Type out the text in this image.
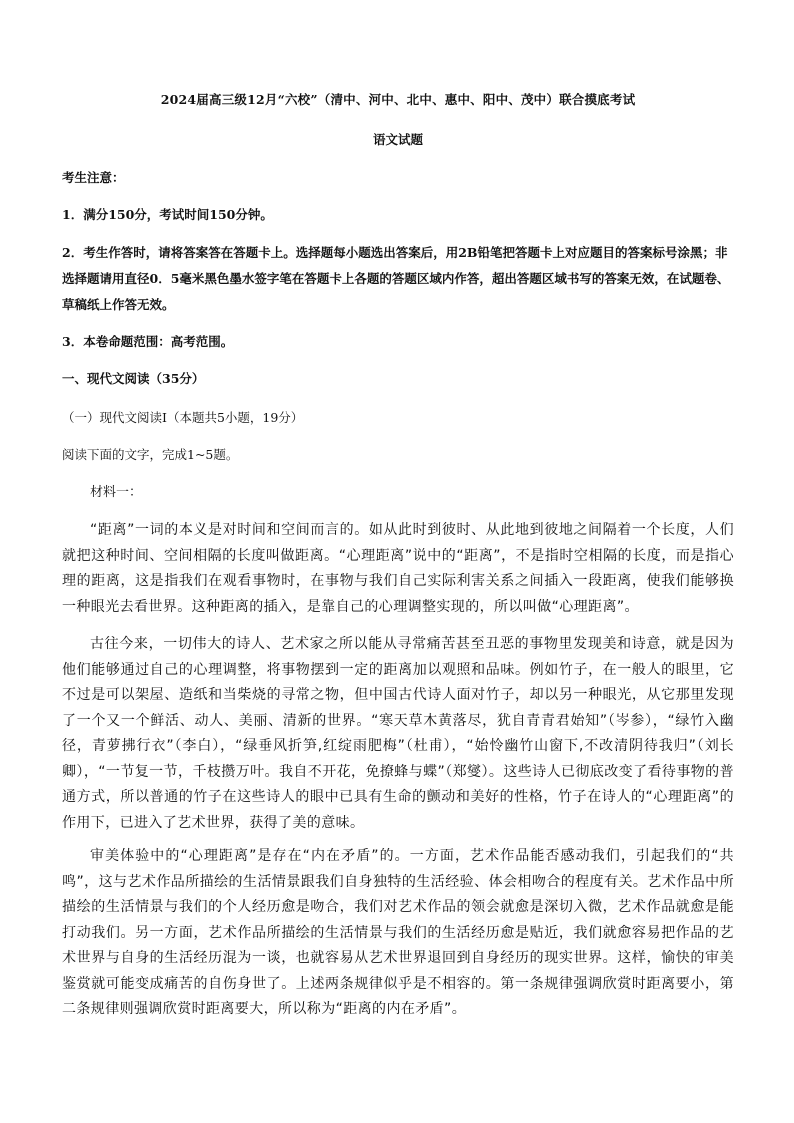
2024届高三级12月“六校”（清中、河中、北中、惠中、阳中、茂中）联合摸底考试
语文试题
考生注意：
1．满分150分，考试时间150分钟。
2．考生作答时，请将答案答在答题卡上。选择题每小题选出答案后，用2B铅笔把答题卡上对应题目的答案标号涂黑；非选择题请用直径0．5毫米黑色墨水签字笔在答题卡上各题的答题区域内作答，超出答题区域书写的答案无效，在试题卷、草稿纸上作答无效。
3．本卷命题范围：高考范围。
一、现代文阅读（35分）
（一）现代文阅读Ⅰ（本题共5小题，19分）
阅读下面的文字，完成1~5题。
材料一：
“距离”一词的本义是对时间和空间而言的。如从此时到彼时、从此地到彼地之间隔着一个长度，人们就把这种时间、空间相隔的长度叫做距离。“心理距离”说中的“距离”，不是指时空相隔的长度，而是指心理的距离，这是指我们在观看事物时，在事物与我们自己实际利害关系之间插入一段距离，使我们能够换一种眼光去看世界。这种距离的插入，是靠自己的心理调整实现的，所以叫做“心理距离”。
古往今来，一切伟大的诗人、艺术家之所以能从寻常痛苦甚至丑恶的事物里发现美和诗意，就是因为他们能够通过自己的心理调整，将事物摆到一定的距离加以观照和品味。例如竹子，在一般人的眼里，它不过是可以架屋、造纸和当柴烧的寻常之物，但中国古代诗人面对竹子，却以另一种眼光，从它那里发现了一个又一个鲜活、动人、美丽、清新的世界。“寒天草木黄落尽，犹自青青君始知”（岑参），“绿竹入幽径，青萝拂行衣”（李白），“绿垂风折笋,红绽雨肥梅”（杜甫），“始怜幽竹山窗下,不改清阴待我归”（刘长卿），“一节复一节，千枝攒万叶。我自不开花，免撩蜂与蝶”（郑燮）。这些诗人已彻底改变了看待事物的普通方式，所以普通的竹子在这些诗人的眼中已具有生命的颤动和美好的性格，竹子在诗人的“心理距离”的作用下，已进入了艺术世界，获得了美的意味。
审美体验中的“心理距离”是存在“内在矛盾”的。一方面，艺术作品能否感动我们，引起我们的“共鸣”，这与艺术作品所描绘的生活情景跟我们自身独特的生活经验、体会相吻合的程度有关。艺术作品中所描绘的生活情景与我们的个人经历愈是吻合，我们对艺术作品的领会就愈是深切入微，艺术作品就愈是能打动我们。另一方面，艺术作品所描绘的生活情景与我们的生活经历愈是贴近，我们就愈容易把作品的艺术世界与自身的生活经历混为一谈，也就容易从艺术世界退回到自身经历的现实世界。这样，愉快的审美鉴赏就可能变成痛苦的自伤身世了。上述两条规律似乎是不相容的。第一条规律强调欣赏时距离要小，第二条规律则强调欣赏时距离要大，所以称为“距离的内在矛盾”。
